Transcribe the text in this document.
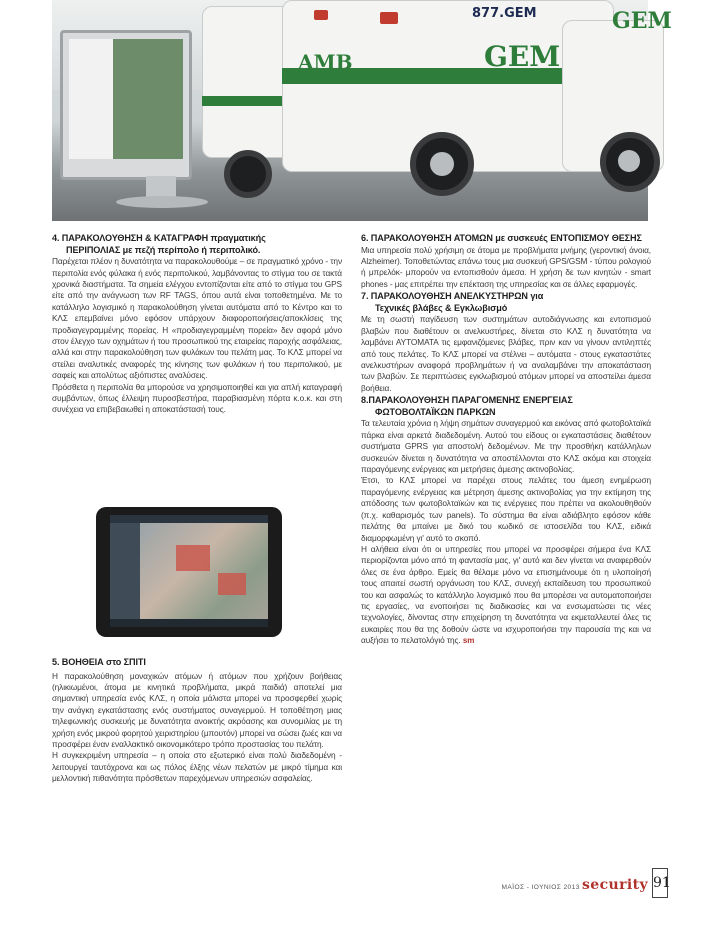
877.GEM
GEM
AMB
GEM
4. ΠΑΡΑΚΟΛΟΥΘΗΣΗ & ΚΑΤΑΓΡΑΦΗ πραγματικής
ΠΕΡΙΠΟΛΙΑΣ με πεζή περίπολο ή περιπολικό.

Παρέχεται πλέον η δυνατότητα να παρακολουθούμε – σε πραγματικό χρόνο - την περιπολία ενός φύλακα ή ενός περιπολικού, λαμβάνοντας το στίγμα του σε τακτά χρονικά διαστήματα. Τα σημεία ελέγχου εντοπίζονται είτε από το στίγμα του GPS είτε από την ανάγνωση των RF TAGS, όπου αυτά είναι τοποθετημένα. Με το κατάλληλο λογισμικό η παρακολούθηση γίνεται αυτόματα από το Κέντρο και το ΚΛΣ επεμβαίνει μόνο εφόσον υπάρχουν διαφοροποιήσεις/αποκλίσεις της προδιαγεγραμμένης πορείας. Η «προδιαγεγραμμένη πορεία» δεν αφορά μόνο στον έλεγχο των οχημάτων ή του προσωπικού της εταιρείας παροχής ασφάλειας, αλλά και στην παρακολούθηση των φυλάκων του πελάτη μας. Το ΚΛΣ μπορεί να στείλει αναλυτικές αναφορές της κίνησης των φυλάκων ή του περιπολικού, με σαφείς και απολύτως αξιόπιστες αναλύσεις.

Πρόσθετα η περιπολία θα μπορούσε να χρησιμοποιηθεί και για απλή καταγραφή συμβάντων, όπως έλλειψη πυροσβεστήρα, παραβιασμένη πόρτα κ.ο.κ. και στη συνέχεια να επιβεβαιωθεί η αποκατάστασή τους.

5. ΒΟΗΘΕΙΑ στο ΣΠΙΤΙ

Η παρακολούθηση μοναχικών ατόμων ή ατόμων που χρήζουν βοήθειας (ηλικιωμένοι, άτομα με κινητικά προβλήματα, μικρά παιδιά) αποτελεί μια σημαντική υπηρεσία ενός ΚΛΣ, η οποία μάλιστα μπορεί να προσφερθεί χωρίς την ανάγκη εγκατάστασης ενός συστήματος συναγερμού. Η τοποθέτηση μιας τηλεφωνικής συσκευής με δυνατότητα ανοικτής ακρόασης και συνομιλίας με τη χρήση ενός μικρού φορητού χειριστηρίου (μπουτόν) μπορεί να σώσει ζωές και να προσφέρει έναν εναλλακτικό οικονομικότερο τρόπο προστασίας του πελάτη.

Η συγκεκριμένη υπηρεσία – η οποία στο εξωτερικό είναι πολύ διαδεδομένη - λειτουργεί ταυτόχρονα και ως πόλος έλξης νέων πελατών με μικρό τίμημα και μελλοντική πιθανότητα πρόσθετων παρεχόμενων υπηρεσιών ασφαλείας.

6. ΠΑΡΑΚΟΛΟΥΘΗΣΗ ΑΤΟΜΩΝ με συσκευές ΕΝΤΟΠΙΣΜΟΥ ΘΕΣΗΣ

Μια υπηρεσία πολύ χρήσιμη σε άτομα με προβλήματα μνήμης (γεροντική άνοια, Alzheimer). Τοποθετώντας επάνω τους μια συσκευή GPS/GSM - τύπου ρολογιού ή μπρελόκ- μπορούν να εντοπισθούν άμεσα. Η χρήση δε των κινητών - smart phones - μας επιτρέπει την επέκταση της υπηρεσίας και σε άλλες εφαρμογές.

7. ΠΑΡΑΚΟΛΟΥΘΗΣΗ ΑΝΕΛΚΥΣΤΗΡΩΝ για
Τεχνικές βλάβες & Εγκλωβισμό

Με τη σωστή παγίδευση των συστημάτων αυτοδιάγνωσης και εντοπισμού βλαβών που διαθέτουν οι ανελκυστήρες, δίνεται στο ΚΛΣ η δυνατότητα να λαμβάνει ΑΥΤΟΜΑΤΑ τις εμφανιζόμενες βλάβες, πριν καν να γίνουν αντιληπτές από τους πελάτες. Το ΚΛΣ μπορεί να στέλνει – αυτόματα - στους εγκαταστάτες ανελκυστήρων αναφορά προβλημάτων ή να αναλαμβάνει την αποκατάσταση των βλαβών. Σε περιπτώσεις εγκλωβισμού ατόμων μπορεί να αποστείλει άμεσα βοήθεια.

8.ΠΑΡΑΚΟΛΟΥΘΗΣΗ ΠΑΡΑΓΟΜΕΝΗΣ ΕΝΕΡΓΕΙΑΣ
ΦΩΤΟΒΟΛΤΑΪΚΩΝ ΠΑΡΚΩΝ

Τα τελευταία χρόνια η λήψη σημάτων συναγερμού και εικόνας από φωτοβολταϊκά πάρκα είναι αρκετά διαδεδομένη. Αυτού του είδους οι εγκαταστάσεις διαθέτουν συστήματα GPRS για αποστολή δεδομένων. Με την προσθήκη κατάλληλων συσκευών δίνεται η δυνατότητα να αποστέλλονται στο ΚΛΣ ακόμα και στοιχεία παραγόμενης ενέργειας και μετρήσεις άμεσης ακτινοβολίας.

Έτσι, το ΚΛΣ μπορεί να παρέχει στους πελάτες του άμεση ενημέρωση παραγόμενης ενέργειας και μέτρηση άμεσης ακτινοβολίας για την εκτίμηση της απόδοσης των φωτοβολταϊκών και τις ενέργειες που πρέπει να ακολουθηθούν (π.χ. καθαρισμός των panels). Το σύστημα θα είναι αδιάβλητο εφόσον κάθε πελάτης θα μπαίνει με δικό του κωδικό σε ιστοσελίδα του ΚΛΣ, ειδικά διαμορφωμένη γι' αυτό το σκοπό.

Η αλήθεια είναι ότι οι υπηρεσίες που μπορεί να προσφέρει σήμερα ένα ΚΛΣ περιορίζονται μόνο από τη φαντασία μας, γι' αυτό και δεν γίνεται να αναφερθούν όλες σε ένα άρθρο. Εμείς θα θέλαμε μόνο να επισημάνουμε ότι η υλοποίησή τους απαιτεί σωστή οργάνωση του ΚΛΣ, συνεχή εκπαίδευση του προσωπικού του και ασφαλώς το κατάλληλο λογισμικό που θα μπορέσει να αυτοματοποιήσει τις εργασίες, να ενοποιήσει τις διαδικασίες και να ενσωματώσει τις νέες τεχνολογίες, δίνοντας στην επιχείρηση τη δυνατότητα να εκμεταλλευτεί όλες τις ευκαιρίες που θα της δοθούν ώστε να ισχυροποιήσει την παρουσία της και να αυξήσει το πελατολόγιό της. sm

ΜΑΪΟΣ - ΙΟΥΝΙΟΣ 2013 security 91
